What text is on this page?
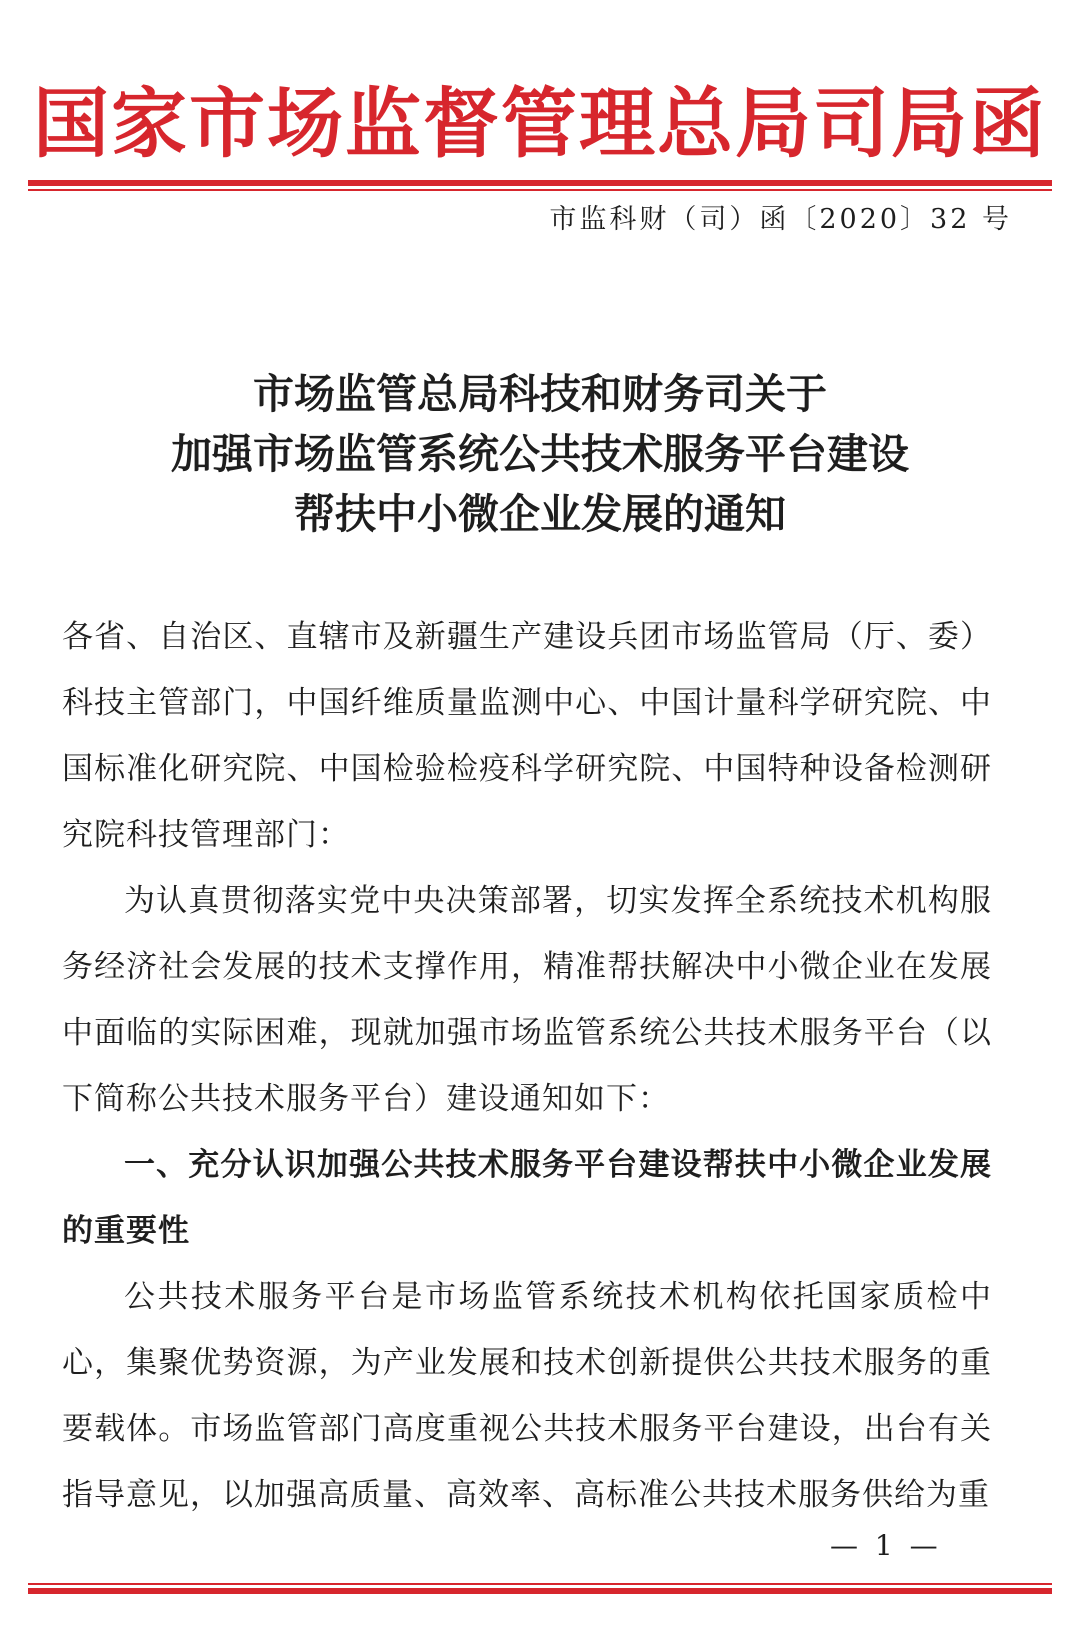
国家市场监督管理总局司局函
市监科财（司）函〔2020〕32 号
市场监管总局科技和财务司关于
加强市场监管系统公共技术服务平台建设
帮扶中小微企业发展的通知

各省、自治区、直辖市及新疆生产建设兵团市场监管局（厅、委）科技主管部门，中国纤维质量监测中心、中国计量科学研究院、中国标准化研究院、中国检验检疫科学研究院、中国特种设备检测研究院科技管理部门：

为认真贯彻落实党中央决策部署，切实发挥全系统技术机构服务经济社会发展的技术支撑作用，精准帮扶解决中小微企业在发展中面临的实际困难，现就加强市场监管系统公共技术服务平台（以下简称公共技术服务平台）建设通知如下：

一、充分认识加强公共技术服务平台建设帮扶中小微企业发展的重要性

公共技术服务平台是市场监管系统技术机构依托国家质检中心，集聚优势资源，为产业发展和技术创新提供公共技术服务的重要载体。市场监管部门高度重视公共技术服务平台建设，出台有关指导意见，以加强高质量、高效率、高标准公共技术服务供给为重

— 1 —
